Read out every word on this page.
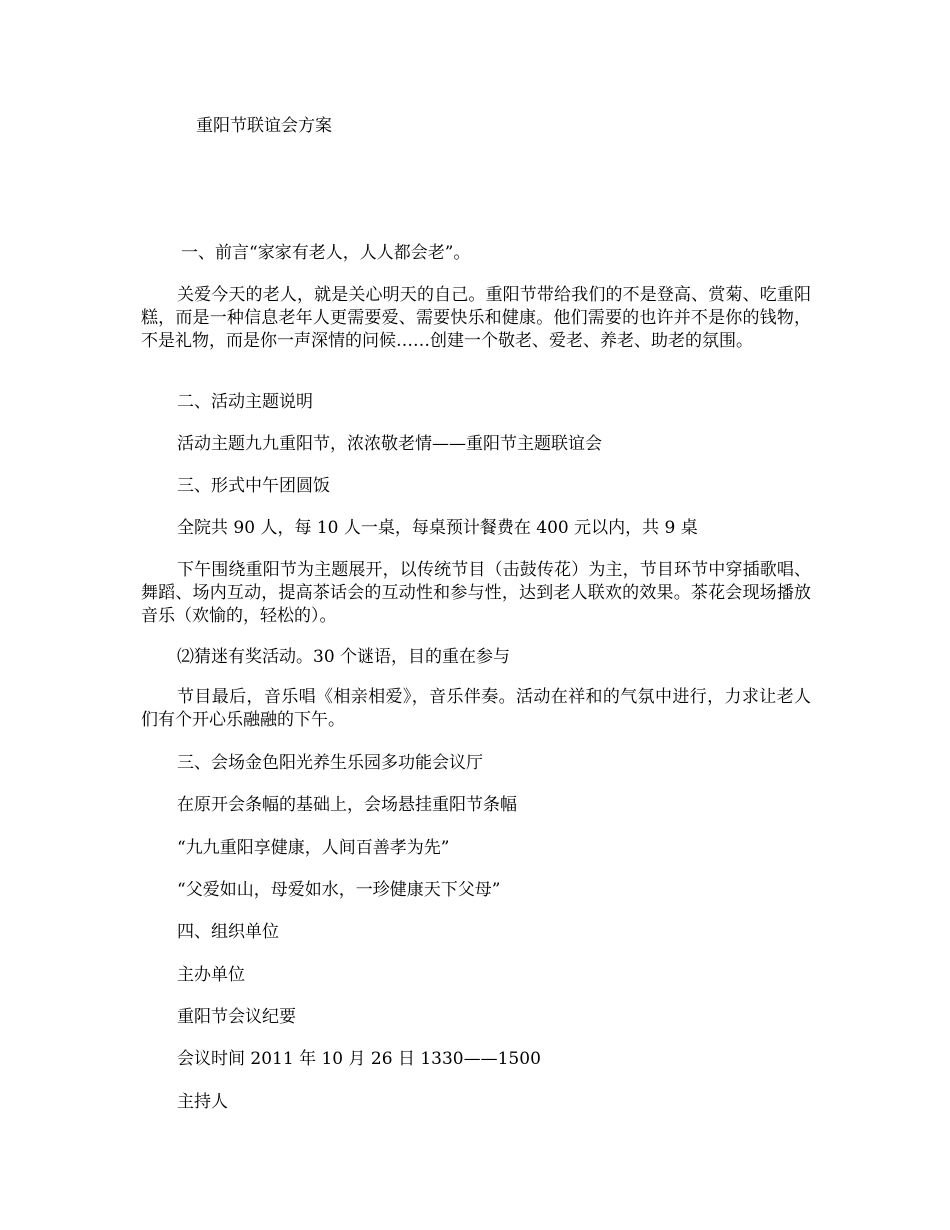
重阳节联谊会方案
一、前言“家家有老人，人人都会老”。

关爱今天的老人，就是关心明天的自己。重阳节带给我们的不是登高、赏菊、吃重阳糕，而是一种信息老年人更需要爱、需要快乐和健康。他们需要的也许并不是你的钱物，不是礼物，而是你一声深情的问候……创建一个敬老、爱老、养老、助老的氛围。

二、活动主题说明
活动主题九九重阳节，浓浓敬老情——重阳节主题联谊会
三、形式中午团圆饭
全院共 90 人，每 10 人一桌，每桌预计餐费在 400 元以内，共 9 桌

下午围绕重阳节为主题展开，以传统节目（击鼓传花）为主，节目环节中穿插歌唱、舞蹈、场内互动，提高茶话会的互动性和参与性，达到老人联欢的效果。茶花会现场播放音乐（欢愉的，轻松的）。

⑵猜迷有奖活动。30 个谜语，目的重在参与

节目最后，音乐唱《相亲相爱》，音乐伴奏。活动在祥和的气氛中进行，力求让老人们有个开心乐融融的下午。

三、会场金色阳光养生乐园多功能会议厅
在原开会条幅的基础上，会场悬挂重阳节条幅
“九九重阳享健康，人间百善孝为先”
“父爱如山，母爱如水，一珍健康天下父母”
四、组织单位
主办单位
重阳节会议纪要
会议时间 2011 年 10 月 26 日 1330——1500
主持人
